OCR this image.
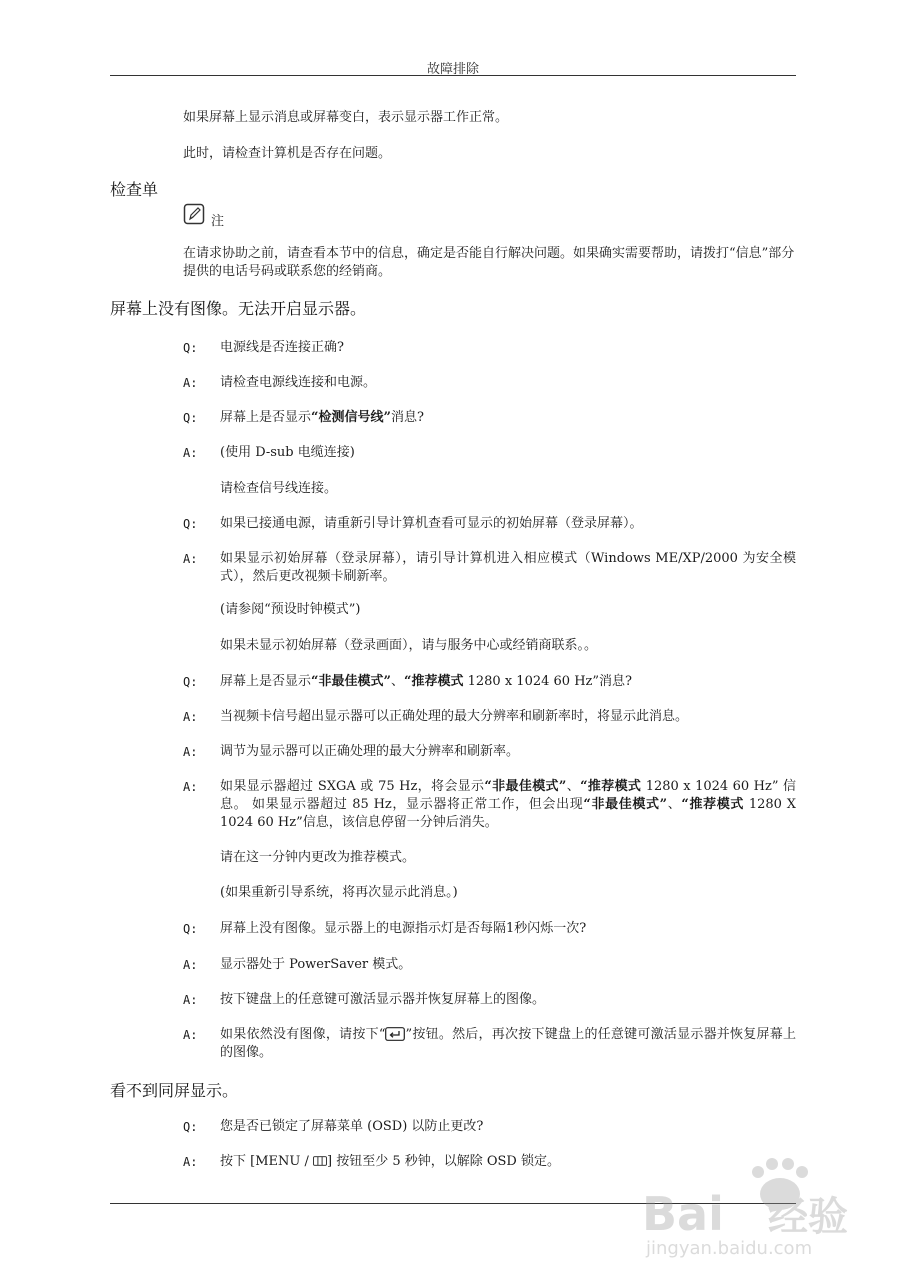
故障排除
如果屏幕上显示消息或屏幕变白，表示显示器工作正常。
此时，请检查计算机是否存在问题。
检查单
注
在请求协助之前，请查看本节中的信息，确定是否能自行解决问题。如果确实需要帮助，请拨打“信息”部分提供的电话号码或联系您的经销商。
屏幕上没有图像。无法开启显示器。
Q:	电源线是否连接正确?
A:	请检查电源线连接和电源。
Q:	屏幕上是否显示“检测信号线”消息?
A:	(使用 D-sub 电缆连接)
请检查信号线连接。
Q:	如果已接通电源，请重新引导计算机查看可显示的初始屏幕（登录屏幕）。
A:	如果显示初始屏幕（登录屏幕），请引导计算机进入相应模式（Windows ME/XP/2000 为安全模式），然后更改视频卡刷新率。
(请参阅“预设时钟模式”)
如果未显示初始屏幕（登录画面），请与服务中心或经销商联系。。
Q:	屏幕上是否显示“非最佳模式”、“推荐模式 1280 x 1024 60 Hz”消息?
A:	当视频卡信号超出显示器可以正确处理的最大分辨率和刷新率时，将显示此消息。
A:	调节为显示器可以正确处理的最大分辨率和刷新率。
A:	如果显示器超过 SXGA 或 75 Hz，将会显示“非最佳模式”、“推荐模式 1280 x 1024 60 Hz” 信息。 如果显示器超过 85 Hz，显示器将正常工作，但会出现“非最佳模式”、“推荐模式 1280 X 1024 60 Hz”信息，该信息停留一分钟后消失。
请在这一分钟内更改为推荐模式。
(如果重新引导系统，将再次显示此消息。)
Q:	屏幕上没有图像。显示器上的电源指示灯是否每隔1秒闪烁一次?
A:	显示器处于 PowerSaver 模式。
A:	按下键盘上的任意键可激活显示器并恢复屏幕上的图像。
A:	如果依然没有图像，请按下“ ”按钮。然后，再次按下键盘上的任意键可激活显示器并恢复屏幕上的图像。
看不到同屏显示。
Q:	您是否已锁定了屏幕菜单 (OSD) 以防止更改?
A:	按下 [MENU / ] 按钮至少 5 秒钟，以解除 OSD 锁定。
Bai 经验
jingyan.baidu.com
